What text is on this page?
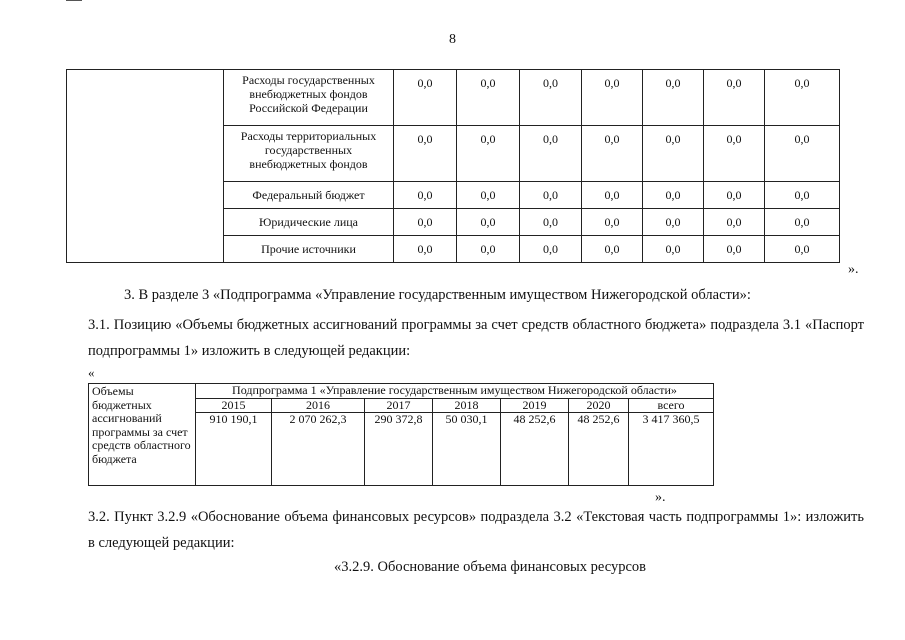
8
	Расходы государственных внебюджетных фондов Российской Федерации	0,0	0,0	0,0	0,0	0,0	0,0	0,0
	Расходы территориальных государственных внебюджетных фондов	0,0	0,0	0,0	0,0	0,0	0,0	0,0
	Федеральный бюджет	0,0	0,0	0,0	0,0	0,0	0,0	0,0
	Юридические лица	0,0	0,0	0,0	0,0	0,0	0,0	0,0
	Прочие источники	0,0	0,0	0,0	0,0	0,0	0,0	0,0
».
3. В разделе 3 «Подпрограмма «Управление государственным имуществом Нижегородской области»:
3.1. Позицию «Объемы бюджетных ассигнований программы за счет средств областного бюджета» подраздела 3.1 «Паспорт подпрограммы 1» изложить в следующей редакции:
«
Объемы бюджетных ассигнований программы за счет средств областного бюджета	Подпрограмма 1 «Управление государственным имуществом Нижегородской области»						
	2015	2016	2017	2018	2019	2020	всего
	910 190,1	2 070 262,3	290 372,8	50 030,1	48 252,6	48 252,6	3 417 360,5
».
3.2. Пункт 3.2.9 «Обоснование объема финансовых ресурсов» подраздела 3.2 «Текстовая часть подпрограммы 1»: изложить в следующей редакции:
«3.2.9. Обоснование объема финансовых ресурсов
